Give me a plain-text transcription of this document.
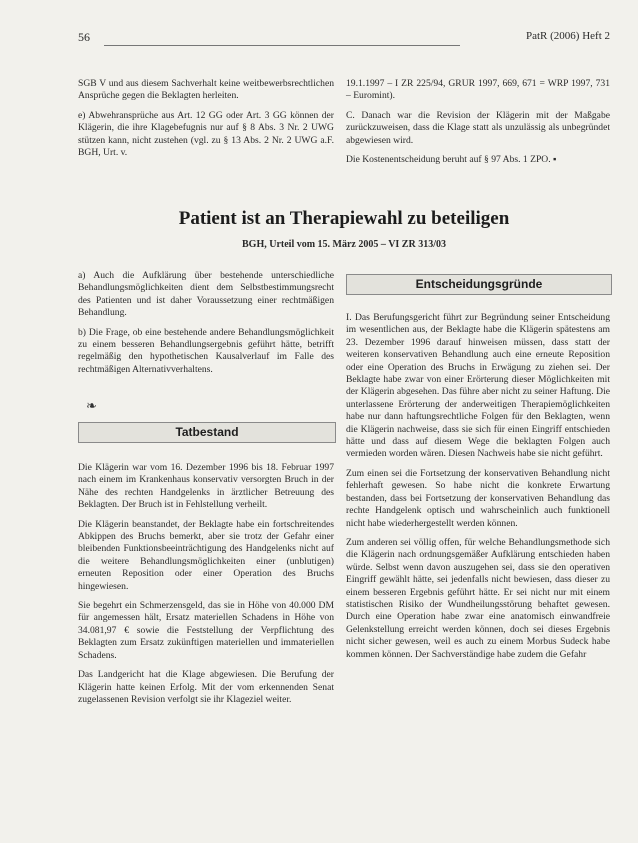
56	PatR (2006) Heft 2

SGB V und aus diesem Sachverhalt keine weitbewerbsrechtlichen Ansprüche gegen die Beklagten herleiten.

e) Abwehransprüche aus Art. 12 GG oder Art. 3 GG können der Klägerin, die ihre Klagebefugnis nur auf § 8 Abs. 3 Nr. 2 UWG stützen kann, nicht zustehen (vgl. zu § 13 Abs. 2 Nr. 2 UWG a.F. BGH, Urt. v.

19.1.1997 – I ZR 225/94, GRUR 1997, 669, 671 = WRP 1997, 731 – Euromint).

C. Danach war die Revision der Klägerin mit der Maßgabe zurückzuweisen, dass die Klage statt als unzulässig als unbegründet abgewiesen wird.

Die Kostenentscheidung beruht auf § 97 Abs. 1 ZPO. ▪

Patient ist an Therapiewahl zu beteiligen
BGH, Urteil vom 15. März 2005 – VI ZR 313/03

a) Auch die Aufklärung über bestehende unterschiedliche Behandlungsmöglichkeiten dient dem Selbstbestimmungsrecht des Patienten und ist daher Voraussetzung einer rechtmäßigen Behandlung.

b) Die Frage, ob eine bestehende andere Behandlungsmöglichkeit zu einem besseren Behandlungsergebnis geführt hätte, betrifft regelmäßig den hypothetischen Kausalverlauf im Falle des rechtmäßigen Alternativverhaltens.

❧
Tatbestand

Die Klägerin war vom 16. Dezember 1996 bis 18. Februar 1997 nach einem im Krankenhaus konservativ versorgten Bruch in der Nähe des rechten Handgelenks in ärztlicher Betreuung des Beklagten. Der Bruch ist in Fehlstellung verheilt.

Die Klägerin beanstandet, der Beklagte habe ein fortschreitendes Abkippen des Bruchs bemerkt, aber sie trotz der Gefahr einer bleibenden Funktionsbeeinträchtigung des Handgelenks nicht auf die weitere Behandlungsmöglichkeiten einer (unblutigen) erneuten Reposition oder einer Operation des Bruchs hingewiesen.

Sie begehrt ein Schmerzensgeld, das sie in Höhe von 40.000 DM für angemessen hält, Ersatz materiellen Schadens in Höhe von 34.081,97 € sowie die Feststellung der Verpflichtung des Beklagten zum Ersatz zukünftigen materiellen und immateriellen Schadens.

Das Landgericht hat die Klage abgewiesen. Die Berufung der Klägerin hatte keinen Erfolg. Mit der vom erkennenden Senat zugelassenen Revision verfolgt sie ihr Klageziel weiter.

Entscheidungsgründe

I. Das Berufungsgericht führt zur Begründung seiner Entscheidung im wesentlichen aus, der Beklagte habe die Klägerin spätestens am 23. Dezember 1996 darauf hinweisen müssen, dass statt der weiteren konservativen Behandlung auch eine erneute Reposition oder eine Operation des Bruchs in Erwägung zu ziehen sei. Der Beklagte habe zwar von einer Erörterung dieser Möglichkeiten mit der Klägerin abgesehen. Das führe aber nicht zu seiner Haftung. Die unterlassene Erörterung der anderweitigen Therapiemöglichkeiten habe nur dann haftungsrechtliche Folgen für den Beklagten, wenn die Klägerin nachweise, dass sie sich für einen Eingriff entschieden hätte und dass auf diesem Wege die beklagten Folgen auch vermieden worden wären. Diesen Nachweis habe sie nicht geführt.

Zum einen sei die Fortsetzung der konservativen Behandlung nicht fehlerhaft gewesen. So habe nicht die konkrete Erwartung bestanden, dass bei Fortsetzung der konservativen Behandlung das rechte Handgelenk optisch und wahrscheinlich auch funktionell nicht habe wiederhergestellt werden können.

Zum anderen sei völlig offen, für welche Behandlungsmethode sich die Klägerin nach ordnungsgemäßer Aufklärung entschieden haben würde. Selbst wenn davon auszugehen sei, dass sie den operativen Eingriff gewählt hätte, sei jedenfalls nicht bewiesen, dass dieser zu einem besseren Ergebnis geführt hätte. Er sei nicht nur mit einem statistischen Risiko der Wundheilungsstörung behaftet gewesen. Durch eine Operation habe zwar eine anatomisch einwandfreie Gelenkstellung erreicht werden können, doch sei dieses Ergebnis nicht sicher gewesen, weil es auch zu einem Morbus Sudeck habe kommen können. Der Sachverständige habe zudem die Gefahr
